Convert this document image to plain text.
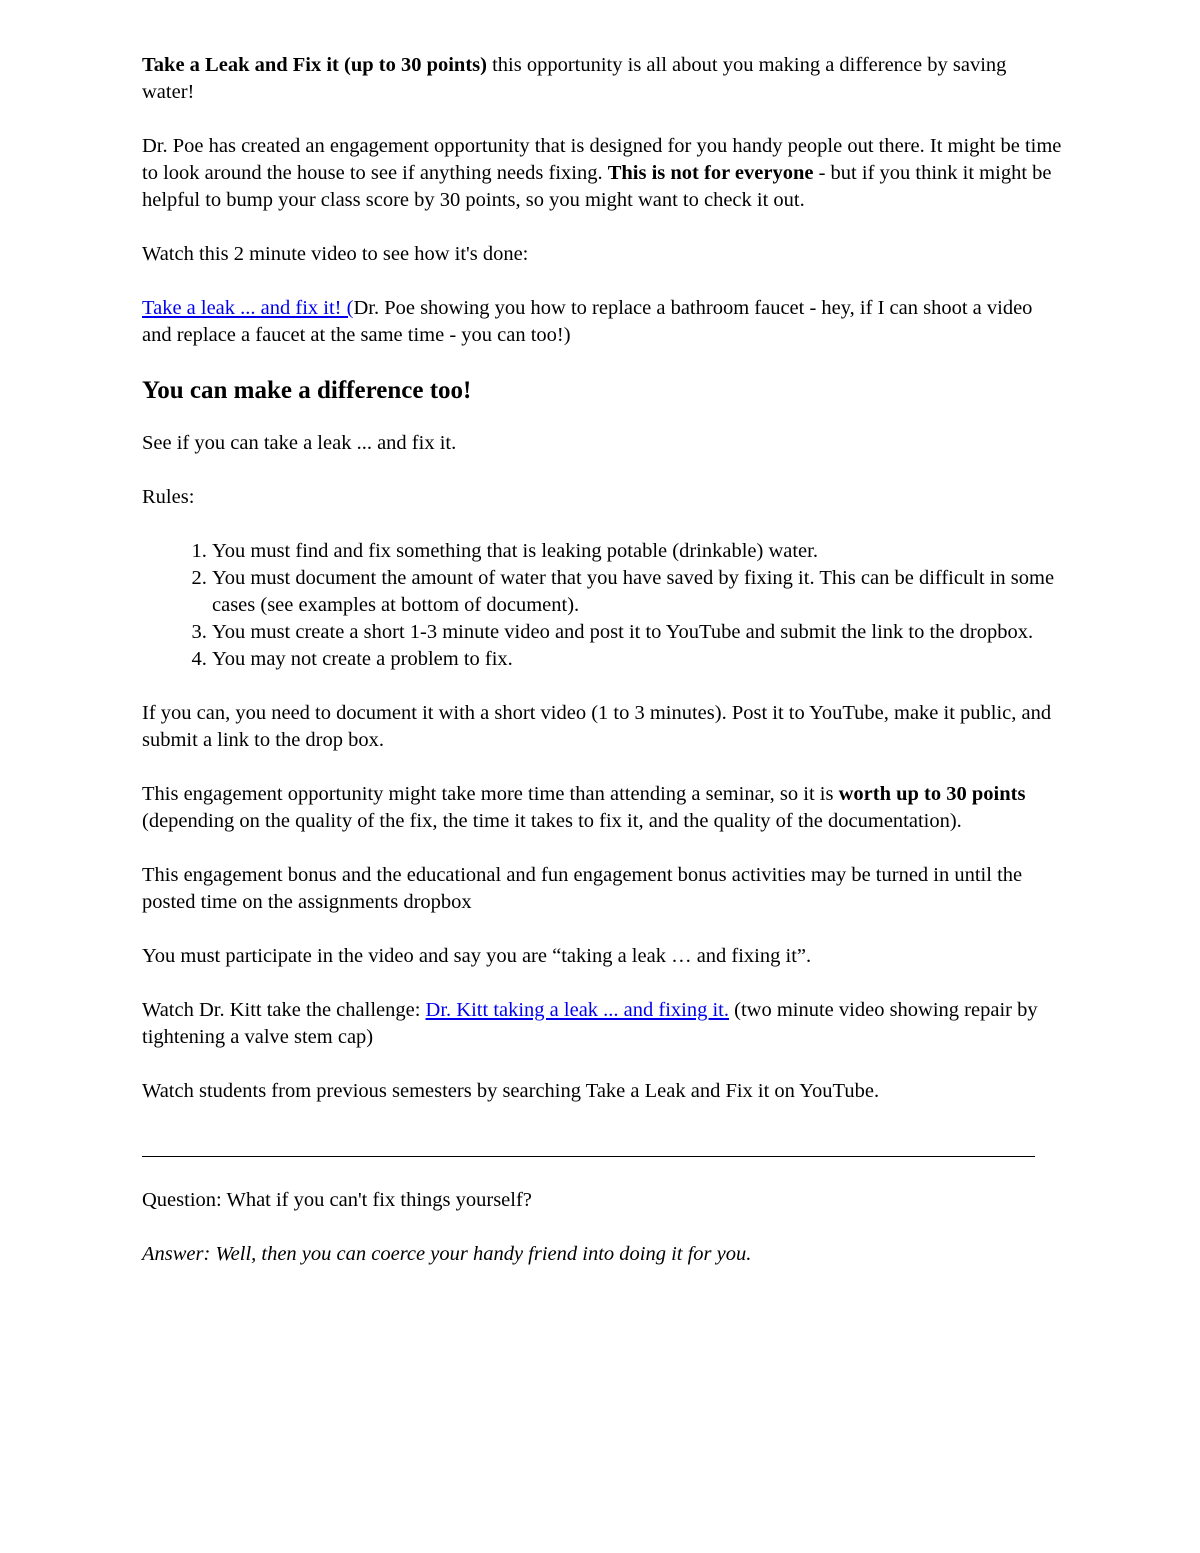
Take a Leak and Fix it (up to 30 points) this opportunity is all about you making a difference by saving water!

Dr. Poe has created an engagement opportunity that is designed for you handy people out there. It might be time to look around the house to see if anything needs fixing. This is not for everyone - but if you think it might be helpful to bump your class score by 30 points, so you might want to check it out.

Watch this 2 minute video to see how it's done:

Take a leak ... and fix it! (Dr. Poe showing you how to replace a bathroom faucet - hey, if I can shoot a video and replace a faucet at the same time - you can too!)

You can make a difference too!

See if you can take a leak ... and fix it.

Rules:

1. You must find and fix something that is leaking potable (drinkable) water.
2. You must document the amount of water that you have saved by fixing it. This can be difficult in some cases (see examples at bottom of document).
3. You must create a short 1-3 minute video and post it to YouTube and submit the link to the dropbox.
4. You may not create a problem to fix.

If you can, you need to document it with a short video (1 to 3 minutes). Post it to YouTube, make it public, and submit a link to the drop box.

This engagement opportunity might take more time than attending a seminar, so it is worth up to 30 points (depending on the quality of the fix, the time it takes to fix it, and the quality of the documentation).

This engagement bonus and the educational and fun engagement bonus activities may be turned in until the posted time on the assignments dropbox

You must participate in the video and say you are “taking a leak … and fixing it”.

Watch Dr. Kitt take the challenge: Dr. Kitt taking a leak ... and fixing it. (two minute video showing repair by tightening a valve stem cap)

Watch students from previous semesters by searching Take a Leak and Fix it on YouTube.

Question: What if you can't fix things yourself?

Answer: Well, then you can coerce your handy friend into doing it for you.
